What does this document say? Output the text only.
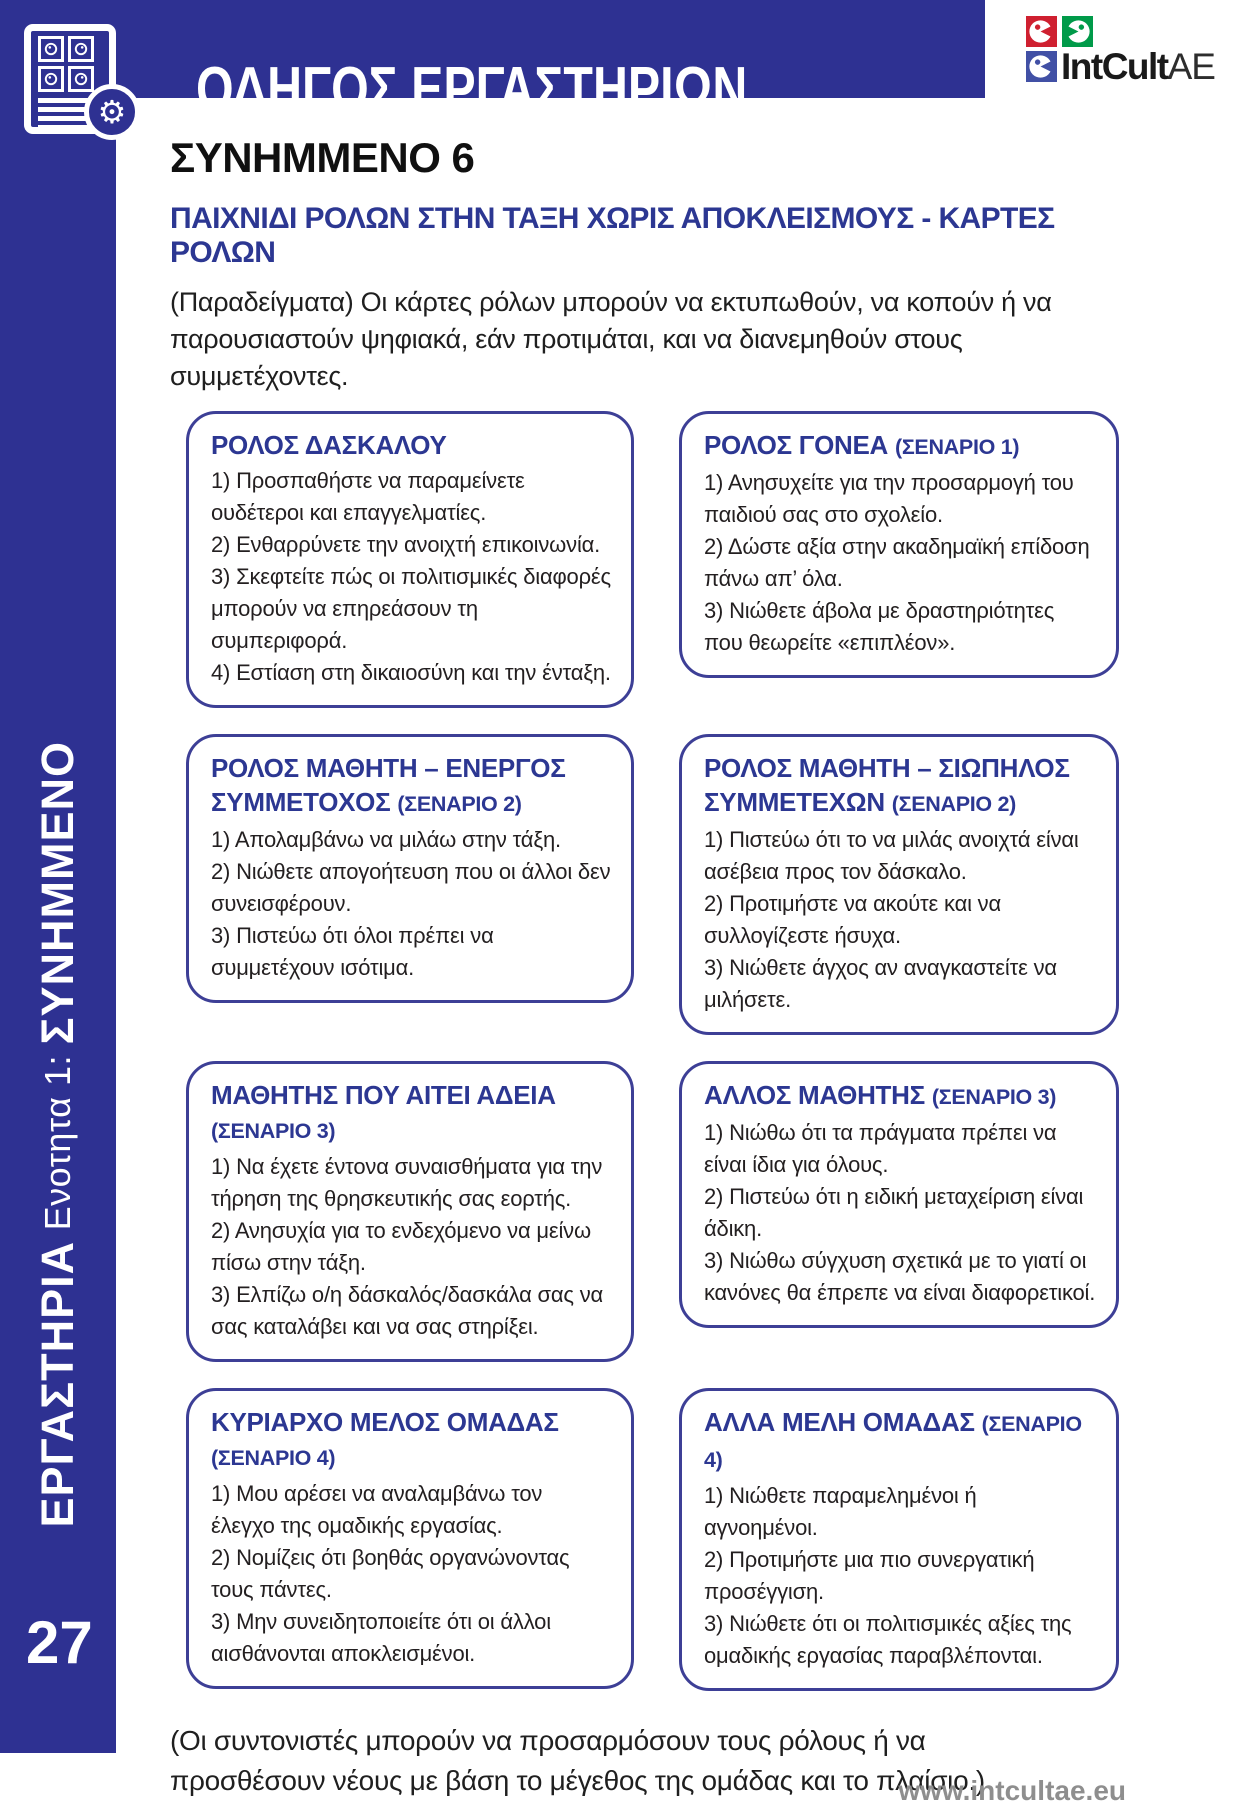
ΕΡΓΑΣΤΗΡΙΑ Ενοτητα 1: ΣΥΝΗΜΜΕΝΟ
27
ΟΔΗΓΟΣ ΕΡΓΑΣΤΗΡΙΩΝ
⚙
IntCultAE
ΣΥΝΗΜΜΕΝΟ 6
ΠΑΙΧΝΙΔΙ ΡΟΛΩΝ ΣΤΗΝ ΤΑΞΗ ΧΩΡΙΣ ΑΠΟΚΛΕΙΣΜΟΥΣ - ΚΑΡΤΕΣ ΡΟΛΩΝ

(Παραδείγματα) Οι κάρτες ρόλων μπορούν να εκτυπωθούν, να κοπούν ή να παρουσιαστούν ψηφιακά, εάν προτιμάται, και να διανεμηθούν στους συμμετέχοντες.

ΡΟΛΟΣ ΔΑΣΚΑΛΟΥ
1) Προσπαθήστε να παραμείνετε ουδέτεροι και επαγγελματίες.
2) Ενθαρρύνετε την ανοιχτή επικοινωνία.
3) Σκεφτείτε πώς οι πολιτισμικές διαφορές μπορούν να επηρεάσουν τη συμπεριφορά.
4) Εστίαση στη δικαιοσύνη και την ένταξη.
ΡΟΛΟΣ ΓΟΝΕΑ (ΣΕΝΑΡΙΟ 1)
1) Ανησυχείτε για την προσαρμογή του παιδιού σας στο σχολείο.
2) Δώστε αξία στην ακαδημαϊκή επίδοση πάνω απ’ όλα.
3) Νιώθετε άβολα με δραστηριότητες που θεωρείτε «επιπλέον».
ΡΟΛΟΣ ΜΑΘΗΤΗ – ΕΝΕΡΓΟΣ ΣΥΜΜΕΤΟΧΟΣ (ΣΕΝΑΡΙΟ 2)
1) Απολαμβάνω να μιλάω στην τάξη.
2) Νιώθετε απογοήτευση που οι άλλοι δεν συνεισφέρουν.
3) Πιστεύω ότι όλοι πρέπει να συμμετέχουν ισότιμα.
ΡΟΛΟΣ ΜΑΘΗΤΗ – ΣΙΩΠΗΛΟΣ ΣΥΜΜΕΤΕΧΩΝ (ΣΕΝΑΡΙΟ 2)
1) Πιστεύω ότι το να μιλάς ανοιχτά είναι ασέβεια προς τον δάσκαλο.
2) Προτιμήστε να ακούτε και να συλλογίζεστε ήσυχα.
3) Νιώθετε άγχος αν αναγκαστείτε να μιλήσετε.
ΜΑΘΗΤΗΣ ΠΟΥ ΑΙΤΕΙ ΑΔΕΙΑ (ΣΕΝΑΡΙΟ 3)
1) Να έχετε έντονα συναισθήματα για την τήρηση της θρησκευτικής σας εορτής.
2) Ανησυχία για το ενδεχόμενο να μείνω πίσω στην τάξη.
3) Ελπίζω ο/η δάσκαλός/δασκάλα σας να σας καταλάβει και να σας στηρίξει.
ΑΛΛΟΣ ΜΑΘΗΤΗΣ (ΣΕΝΑΡΙΟ 3)
1) Νιώθω ότι τα πράγματα πρέπει να είναι ίδια για όλους.
2) Πιστεύω ότι η ειδική μεταχείριση είναι άδικη.
3) Νιώθω σύγχυση σχετικά με το γιατί οι κανόνες θα έπρεπε να είναι διαφορετικοί.
ΚΥΡΙΑΡΧΟ ΜΕΛΟΣ ΟΜΑΔΑΣ (ΣΕΝΑΡΙΟ 4)
1) Μου αρέσει να αναλαμβάνω τον έλεγχο της ομαδικής εργασίας.
2) Νομίζεις ότι βοηθάς οργανώνοντας τους πάντες.
3) Μην συνειδητοποιείτε ότι οι άλλοι αισθάνονται αποκλεισμένοι.
ΑΛΛΑ ΜΕΛΗ ΟΜΑΔΑΣ (ΣΕΝΑΡΙΟ 4)
1) Νιώθετε παραμελημένοι ή αγνοημένοι.
2) Προτιμήστε μια πιο συνεργατική προσέγγιση.
3) Νιώθετε ότι οι πολιτισμικές αξίες της ομαδικής εργασίας παραβλέπονται.

(Οι συντονιστές μπορούν να προσαρμόσουν τους ρόλους ή να προσθέσουν νέους με βάση το μέγεθος της ομάδας και το πλαίσιο.)

www.intcultae.eu
